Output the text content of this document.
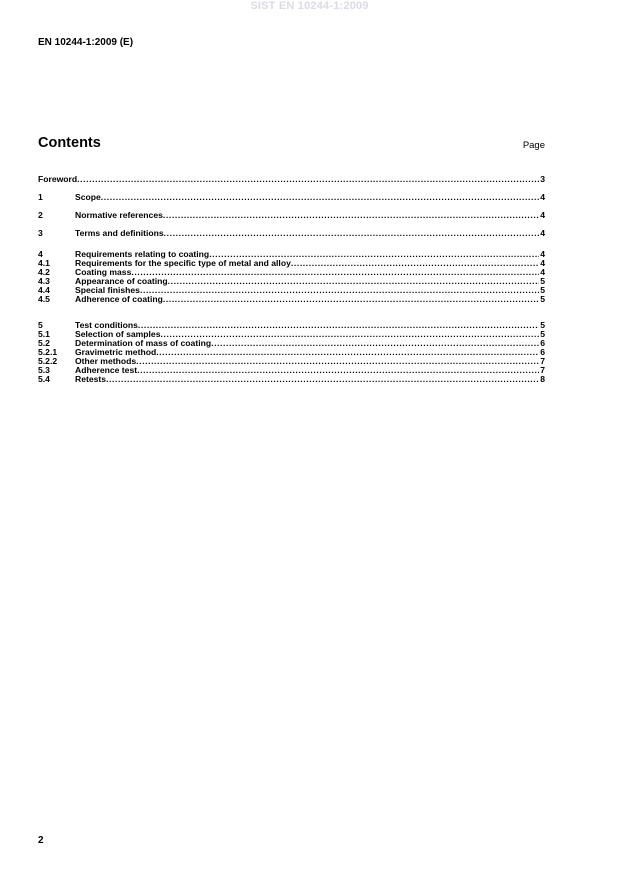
SIST EN 10244-1:2009
EN 10244-1:2009 (E)
Contents	Page
Foreword .....	3
1	Scope .....	4
2	Normative references .....	4
3	Terms and definitions .....	4
4	Requirements relating to coating .....	4
4.1	Requirements for the specific type of metal and alloy .....	4
4.2	Coating mass .....	4
4.3	Appearance of coating .....	5
4.4	Special finishes .....	5
4.5	Adherence of coating .....	5
5	Test conditions .....	5
5.1	Selection of samples .....	5
5.2	Determination of mass of coating .....	6
5.2.1	Gravimetric method .....	6
5.2.2	Other methods .....	7
5.3	Adherence test .....	7
5.4	Retests .....	8
2
